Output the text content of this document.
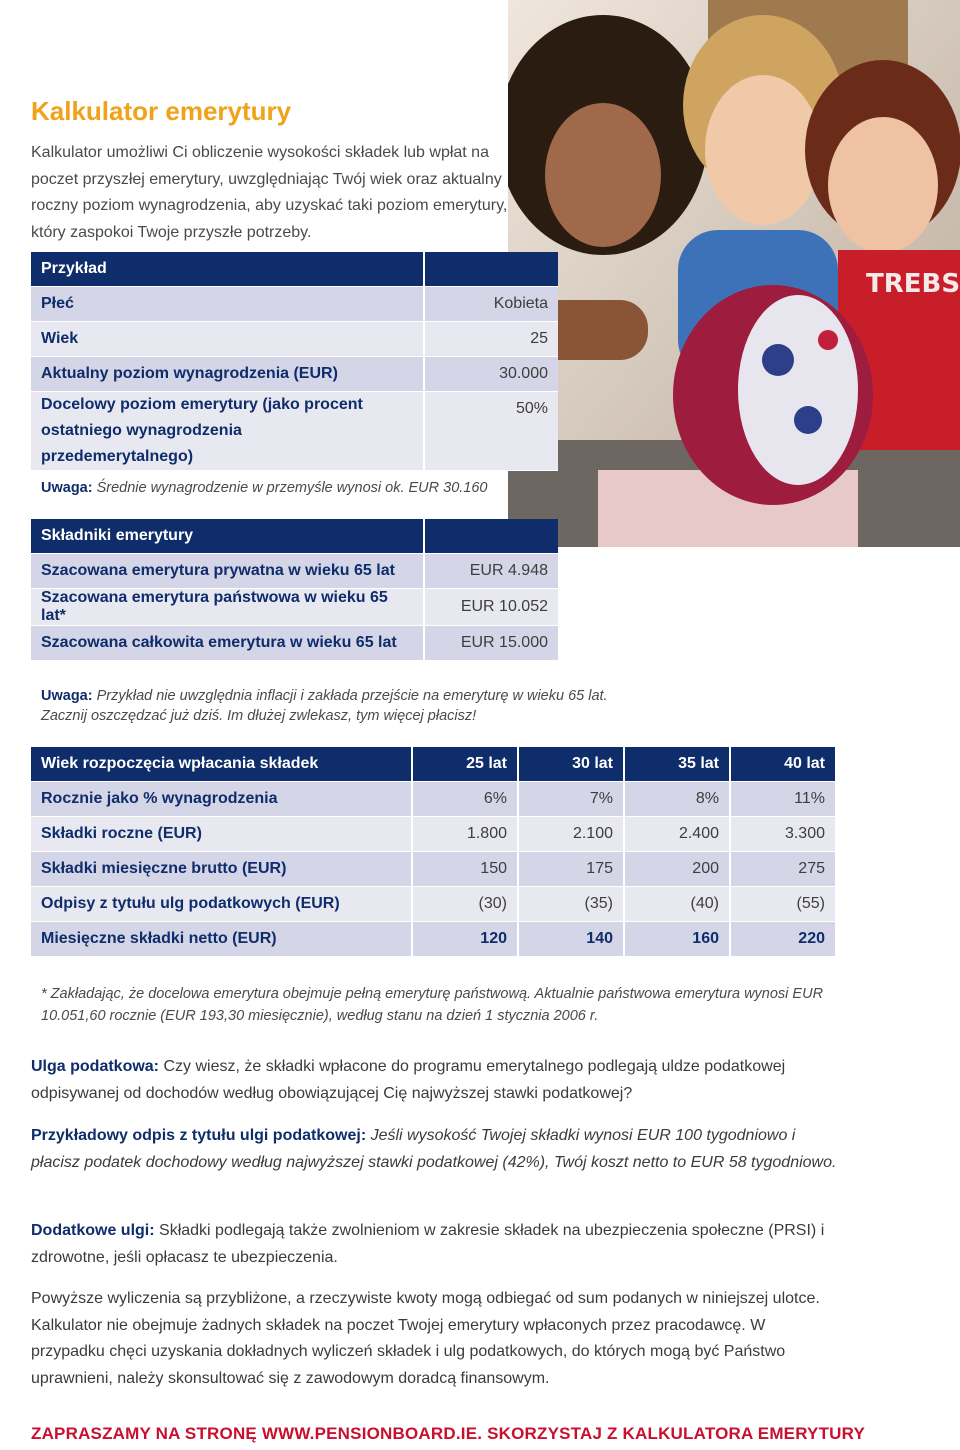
TREBS
Kalkulator emerytury

Kalkulator umożliwi Ci obliczenie wysokości składek lub wpłat na poczet przyszłej emerytury, uwzględniając Twój wiek oraz aktualny roczny poziom wynagrodzenia, aby uzyskać taki poziom emerytury, który zaspokoi Twoje przyszłe potrzeby.

Przykład	
Płeć	Kobieta
Wiek	25
Aktualny poziom wynagrodzenia (EUR)	30.000
Docelowy poziom emerytury (jako procent ostatniego wynagrodzenia przedemerytalnego)	50%

Uwaga: Średnie wynagrodzenie w przemyśle wynosi ok. EUR 30.160

Składniki emerytury	
Szacowana emerytura prywatna w wieku 65 lat	EUR 4.948
Szacowana emerytura państwowa w wieku 65 lat*	EUR 10.052
Szacowana całkowita emerytura w wieku 65 lat	EUR 15.000

Uwaga: Przykład nie uwzględnia inflacji i zakłada przejście na emeryturę w wieku 65 lat.
Zacznij oszczędzać już dziś. Im dłużej zwlekasz, tym więcej płacisz!

Wiek rozpoczęcia wpłacania składek	25 lat	30 lat	35 lat	40 lat
Rocznie jako % wynagrodzenia	6%	7%	8%	11%
Składki roczne (EUR)	1.800	2.100	2.400	3.300
Składki miesięczne brutto (EUR)	150	175	200	275
Odpisy z tytułu ulg podatkowych (EUR)	(30)	(35)	(40)	(55)
Miesięczne składki netto (EUR)	120	140	160	220

* Zakładając, że docelowa emerytura obejmuje pełną emeryturę państwową. Aktualnie państwowa emerytura wynosi EUR 10.051,60 rocznie (EUR 193,30 miesięcznie), według stanu na dzień 1 stycznia 2006 r.

Ulga podatkowa: Czy wiesz, że składki wpłacone do programu emerytalnego podlegają uldze podatkowej odpisywanej od dochodów według obowiązującej Cię najwyższej stawki podatkowej?

Przykładowy odpis z tytułu ulgi podatkowej: Jeśli wysokość Twojej składki wynosi EUR 100 tygodniowo i płacisz podatek dochodowy według najwyższej stawki podatkowej (42%), Twój koszt netto to EUR 58 tygodniowo.

Dodatkowe ulgi: Składki podlegają także zwolnieniom w zakresie składek na ubezpieczenia społeczne (PRSI) i zdrowotne, jeśli opłacasz te ubezpieczenia.

Powyższe wyliczenia są przybliżone, a rzeczywiste kwoty mogą odbiegać od sum podanych w niniejszej ulotce. Kalkulator nie obejmuje żadnych składek na poczet Twojej emerytury wpłaconych przez pracodawcę. W przypadku chęci uzyskania dokładnych wyliczeń składek i ulg podatkowych, do których mogą być Państwo uprawnieni, należy skonsultować się z zawodowym doradcą finansowym.

ZAPRASZAMY NA STRONĘ WWW.PENSIONBOARD.IE. SKORZYSTAJ Z KALKULATORA EMERYTURY
